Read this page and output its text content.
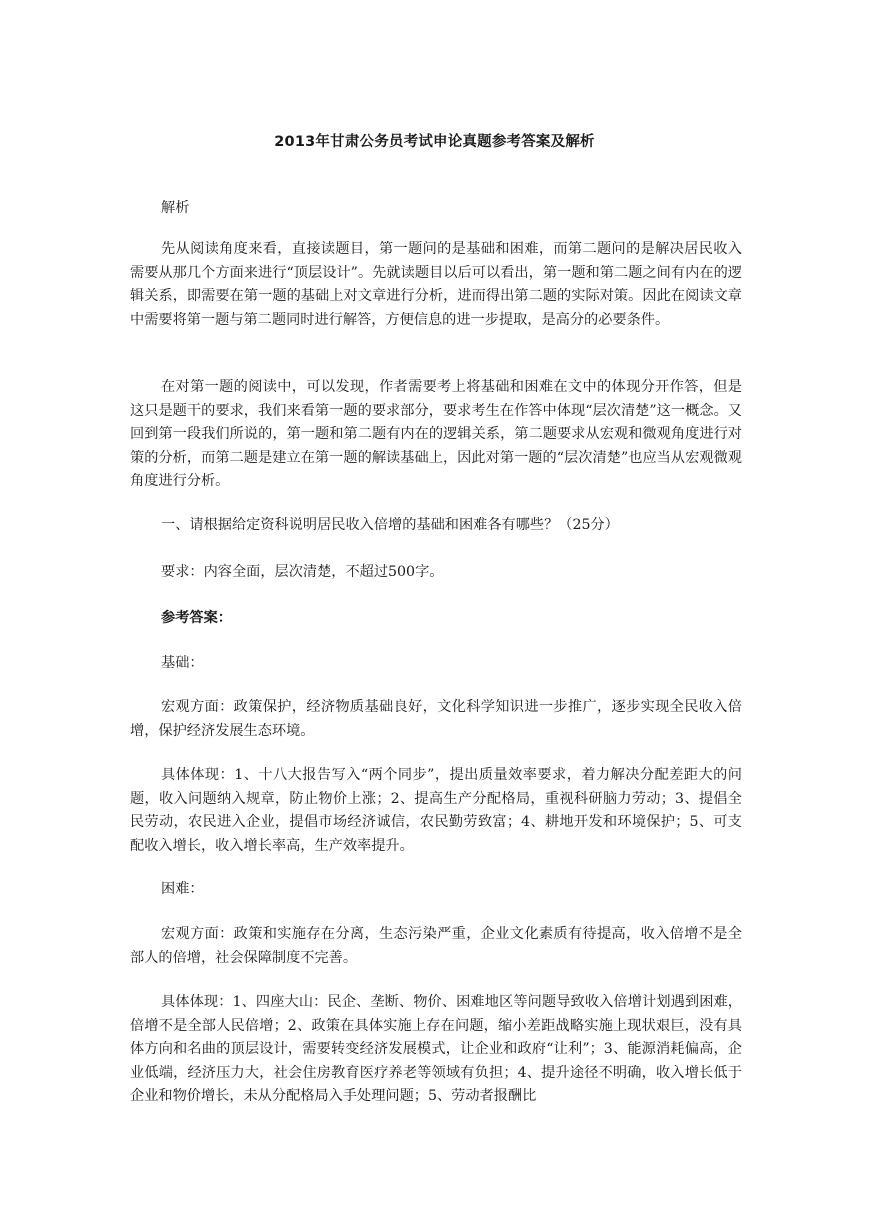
2013年甘肃公务员考试申论真题参考答案及解析

解析

先从阅读角度来看，直接读题目，第一题问的是基础和困难，而第二题问的是解决居民收入需要从那几个方面来进行“顶层设计”。先就读题目以后可以看出，第一题和第二题之间有内在的逻辑关系，即需要在第一题的基础上对文章进行分析，进而得出第二题的实际对策。因此在阅读文章中需要将第一题与第二题同时进行解答，方便信息的进一步提取，是高分的必要条件。

在对第一题的阅读中，可以发现，作者需要考上将基础和困难在文中的体现分开作答，但是这只是题干的要求，我们来看第一题的要求部分，要求考生在作答中体现“层次清楚”这一概念。又回到第一段我们所说的，第一题和第二题有内在的逻辑关系，第二题要求从宏观和微观角度进行对策的分析，而第二题是建立在第一题的解读基础上，因此对第一题的“层次清楚”也应当从宏观微观角度进行分析。

一、请根据给定资科说明居民收入倍增的基础和困难各有哪些？（25分）

要求：内容全面，层次清楚，不超过500字。

参考答案：

基础：

宏观方面：政策保护，经济物质基础良好，文化科学知识进一步推广，逐步实现全民收入倍增，保护经济发展生态环境。

具体体现：1、十八大报告写入“两个同步”，提出质量效率要求，着力解决分配差距大的问题，收入问题纳入规章，防止物价上涨；2、提高生产分配格局，重视科研脑力劳动；3、提倡全民劳动，农民进入企业，提倡市场经济诚信，农民勤劳致富；4、耕地开发和环境保护；5、可支配收入增长，收入增长率高，生产效率提升。

困难：

宏观方面：政策和实施存在分离，生态污染严重，企业文化素质有待提高，收入倍增不是全部人的倍增，社会保障制度不完善。

具体体现：1、四座大山：民企、垄断、物价、困难地区等问题导致收入倍增计划遇到困难，倍增不是全部人民倍增；2、政策在具体实施上存在问题，缩小差距战略实施上现状艰巨，没有具体方向和名曲的顶层设计，需要转变经济发展模式，让企业和政府“让利”；3、能源消耗偏高，企业低端，经济压力大，社会住房教育医疗养老等领域有负担；4、提升途径不明确，收入增长低于企业和物价增长，未从分配格局入手处理问题；5、劳动者报酬比
